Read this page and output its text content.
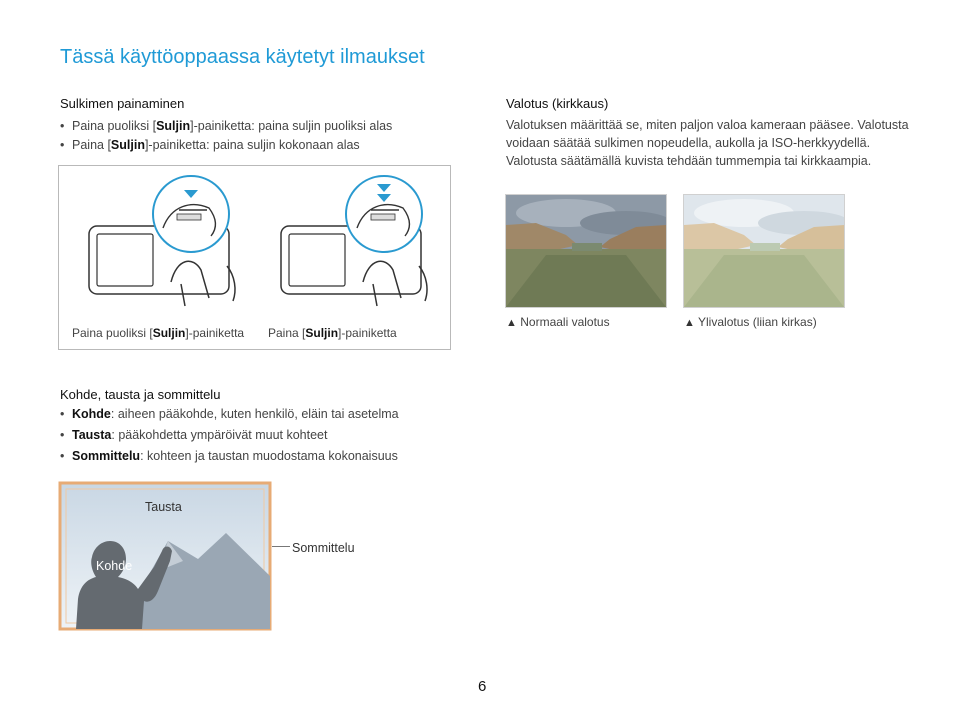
Tässä käyttöoppaassa käytetyt ilmaukset
Sulkimen painaminen
• Paina puoliksi [Suljin]-painiketta: paina suljin puoliksi alas
• Paina [Suljin]-painiketta: paina suljin kokonaan alas
Paina puoliksi [Suljin]-painiketta Paina [Suljin]-painiketta
Valotus (kirkkaus)
Valotuksen määrittää se, miten paljon valoa kameraan pääsee. Valotusta voidaan säätää sulkimen nopeudella, aukolla ja ISO-herkkyydellä. Valotusta säätämällä kuvista tehdään tummempia tai kirkkaampia.
▲ Normaali valotus	▲ Ylivalotus (liian kirkas)
Kohde, tausta ja sommittelu
• Kohde: aiheen pääkohde, kuten henkilö, eläin tai asetelma
• Tausta: pääkohdetta ympäröivät muut kohteet
• Sommittelu: kohteen ja taustan muodostama kokonaisuus
Tausta
Kohde
Sommittelu
6
